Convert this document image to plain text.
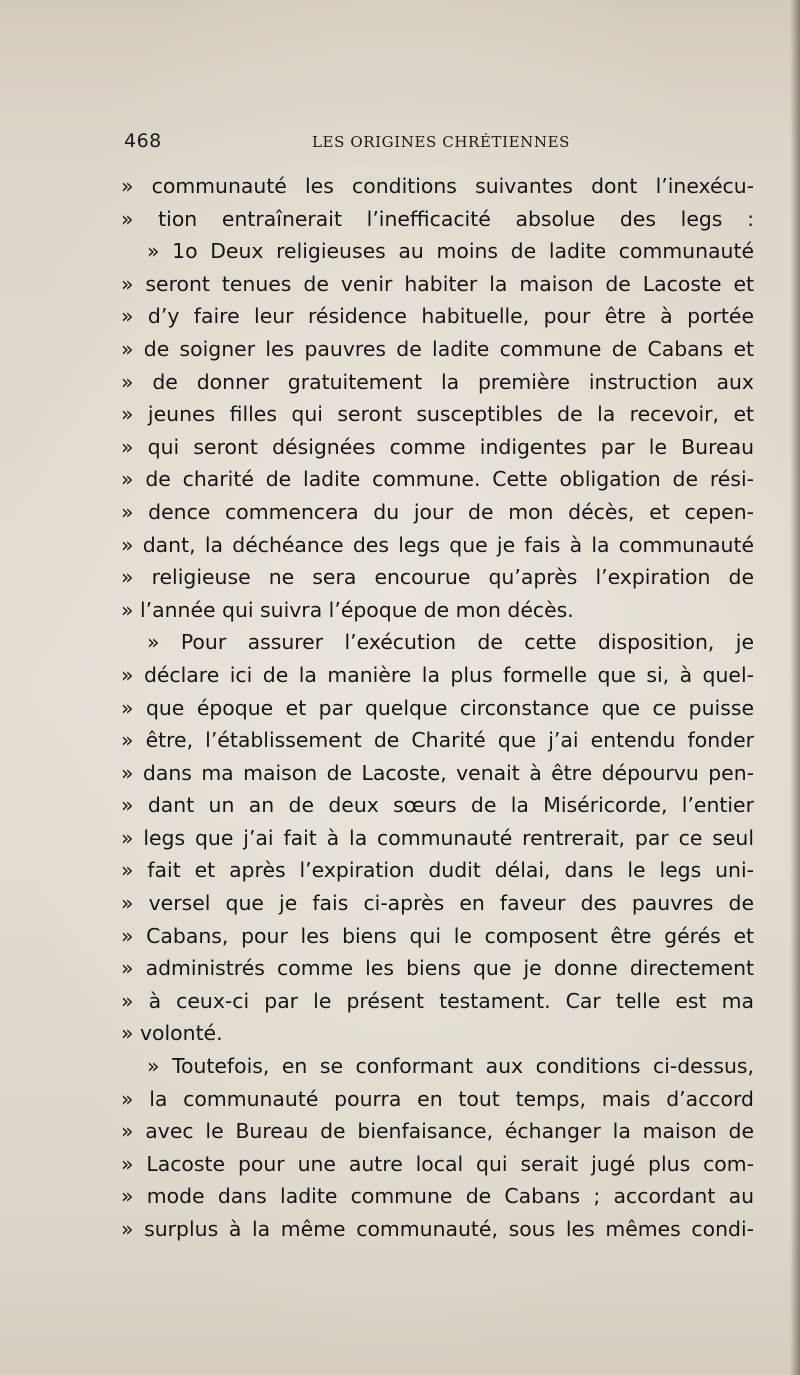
468	LES ORIGINES CHRÉTIENNES
» communauté les conditions suivantes dont l’inexécu-
» tion entraînerait l’inefficacité absolue des legs :
» 1o Deux religieuses au moins de ladite communauté
» seront tenues de venir habiter la maison de Lacoste et
» d’y faire leur résidence habituelle, pour être à portée
» de soigner les pauvres de ladite commune de Cabans et
» de donner gratuitement la première instruction aux
» jeunes filles qui seront susceptibles de la recevoir, et
» qui seront désignées comme indigentes par le Bureau
» de charité de ladite commune. Cette obligation de rési-
» dence commencera du jour de mon décès, et cepen-
» dant, la déchéance des legs que je fais à la communauté
» religieuse ne sera encourue qu’après l’expiration de
» l’année qui suivra l’époque de mon décès.
» Pour assurer l’exécution de cette disposition, je
» déclare ici de la manière la plus formelle que si, à quel-
» que époque et par quelque circonstance que ce puisse
» être, l’établissement de Charité que j’ai entendu fonder
» dans ma maison de Lacoste, venait à être dépourvu pen-
» dant un an de deux sœurs de la Miséricorde, l’entier
» legs que j’ai fait à la communauté rentrerait, par ce seul
» fait et après l’expiration dudit délai, dans le legs uni-
» versel que je fais ci-après en faveur des pauvres de
» Cabans, pour les biens qui le composent être gérés et
» administrés comme les biens que je donne directement
» à ceux-ci par le présent testament. Car telle est ma
» volonté.
» Toutefois, en se conformant aux conditions ci-dessus,
» la communauté pourra en tout temps, mais d’accord
» avec le Bureau de bienfaisance, échanger la maison de
» Lacoste pour une autre local qui serait jugé plus com-
» mode dans ladite commune de Cabans ; accordant au
» surplus à la même communauté, sous les mêmes condi-
